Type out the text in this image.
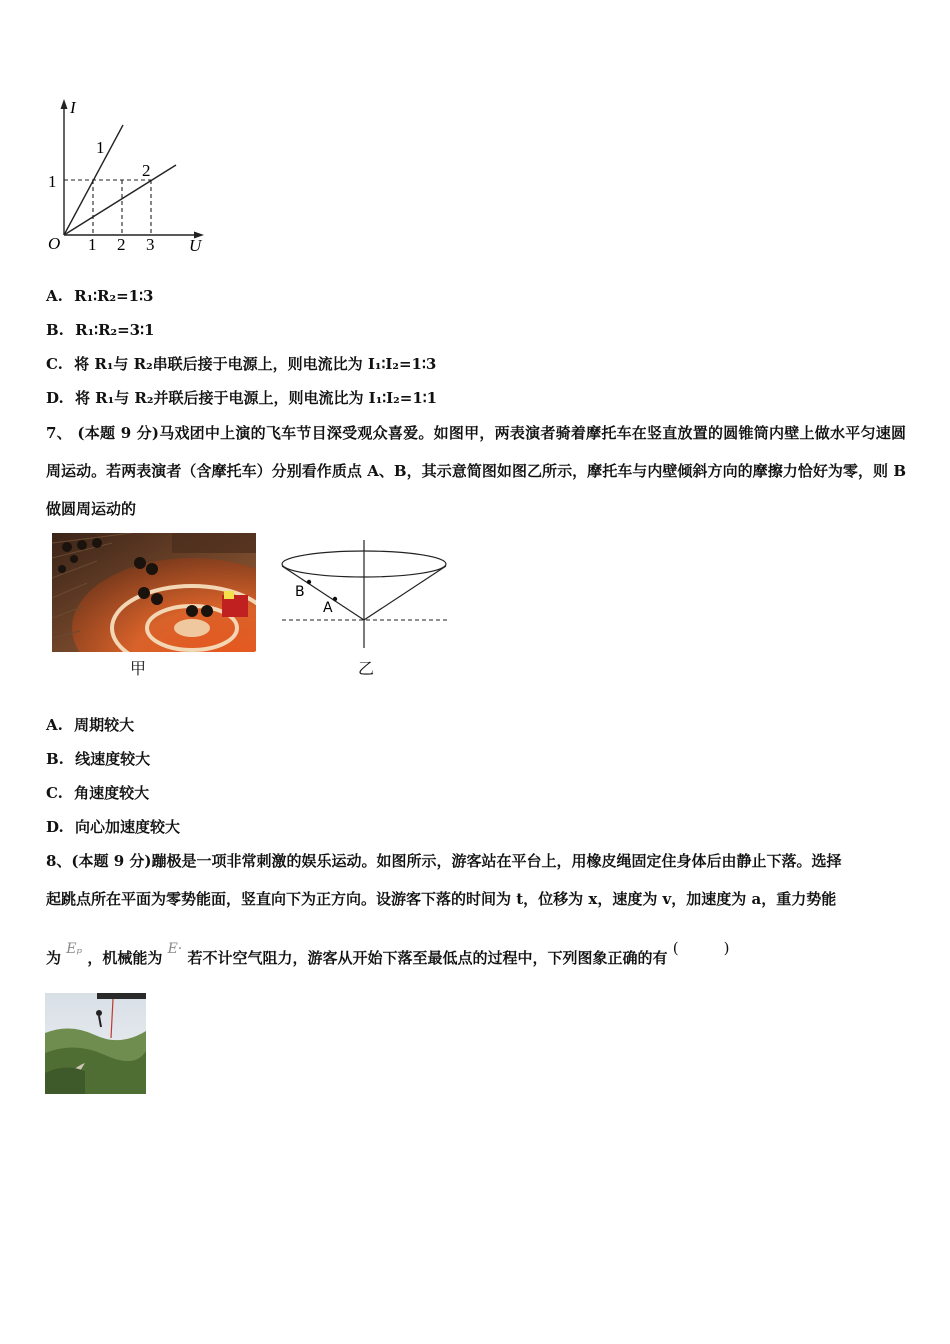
I
U
O
1
1 2 3
1
2
A. R₁∶R₂=1∶3
B. R₁∶R₂=3∶1
C. 将 R₁与 R₂串联后接于电源上，则电流比为 I₁∶I₂=1∶3
D. 将 R₁与 R₂并联后接于电源上，则电流比为 I₁∶I₂=1∶1
7、 (本题 9 分)马戏团中上演的飞车节目深受观众喜爱。如图甲，两表演者骑着摩托车在竖直放置的圆锥筒内壁上做水平匀速圆周运动。若两表演者（含摩托车）分别看作质点 A、B，其示意简图如图乙所示，摩托车与内壁倾斜方向的摩擦力恰好为零，则 B 做圆周运动的
甲
B
A
乙
A. 周期较大
B. 线速度较大
C. 角速度较大
D. 向心加速度较大
8、(本题 9 分)蹦极是一项非常刺激的娱乐运动。如图所示，游客站在平台上，用橡皮绳固定住身体后由静止下落。选择
起跳点所在平面为零势能面，竖直向下为正方向。设游客下落的时间为 t，位移为 x，速度为 v，加速度为 a，重力势能
为 Eₚ ，机械能为 E· 若不计空气阻力，游客从开始下落至最低点的过程中，下列图象正确的有 (　　　)
